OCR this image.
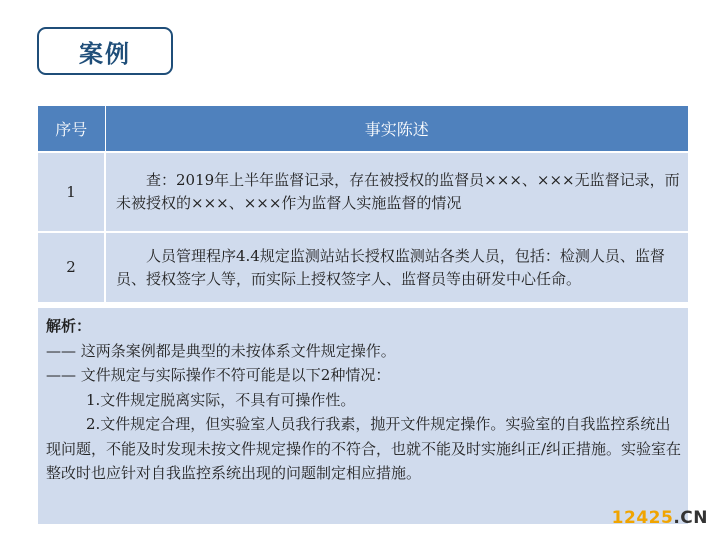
案例
序号	事实陈述
1	查：2019年上半年监督记录，存在被授权的监督员×××、×××无监督记录，而未被授权的×××、×××作为监督人实施监督的情况
2	人员管理程序4.4规定监测站站长授权监测站各类人员，包括：检测人员、监督员、授权签字人等，而实际上授权签字人、监督员等由研发中心任命。

解析：

—— 这两条案例都是典型的未按体系文件规定操作。

—— 文件规定与实际操作不符可能是以下2种情况：

1.文件规定脱离实际，不具有可操作性。

2.文件规定合理，但实验室人员我行我素，抛开文件规定操作。实验室的自我监控系统出现问题，不能及时发现未按文件规定操作的不符合，也就不能及时实施纠正/纠正措施。实验室在整改时也应针对自我监控系统出现的问题制定相应措施。

12425.CN
